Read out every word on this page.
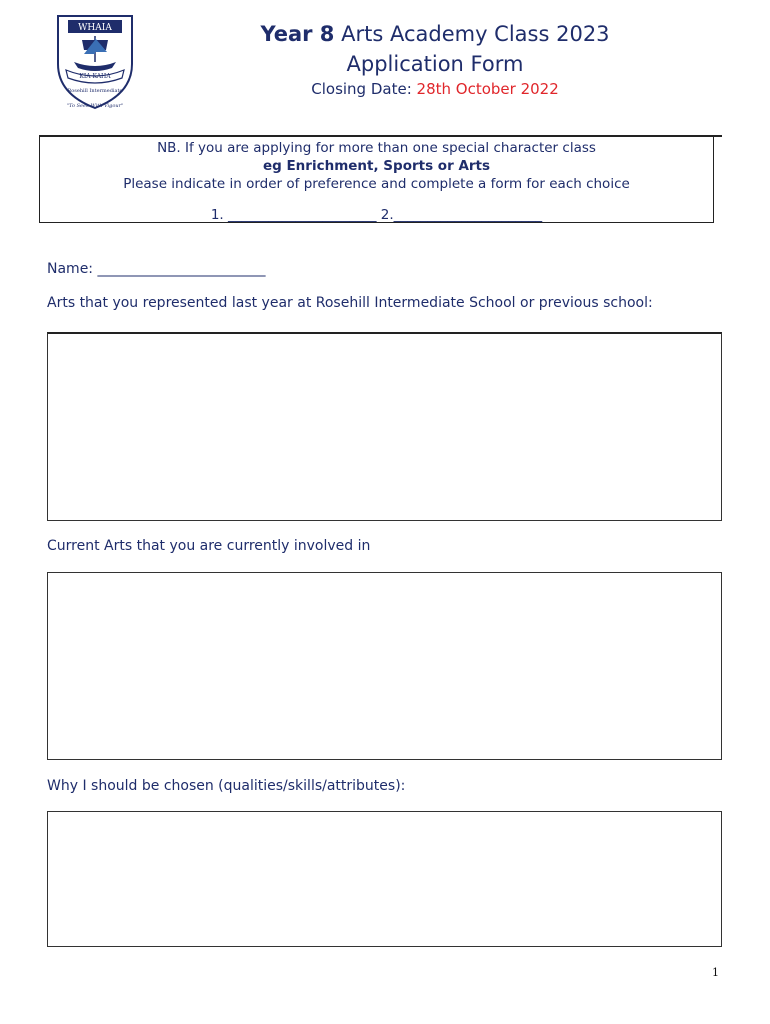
WHAIA
KIA KAHA
Rosehill Intermediate
"To Seek With Vigour"
Year 8 Arts Academy Class 2023
Application Form
Closing Date: 28th October 2022
NB. If you are applying for more than one special character class
eg Enrichment, Sports or Arts
Please indicate in order of preference and complete a form for each choice
1. ______________________ 2.______________________
Name: ________________________
Arts that you represented last year at Rosehill Intermediate School or previous school:
Current Arts that you are currently involved in
Why I should be chosen (qualities/skills/attributes):
1
